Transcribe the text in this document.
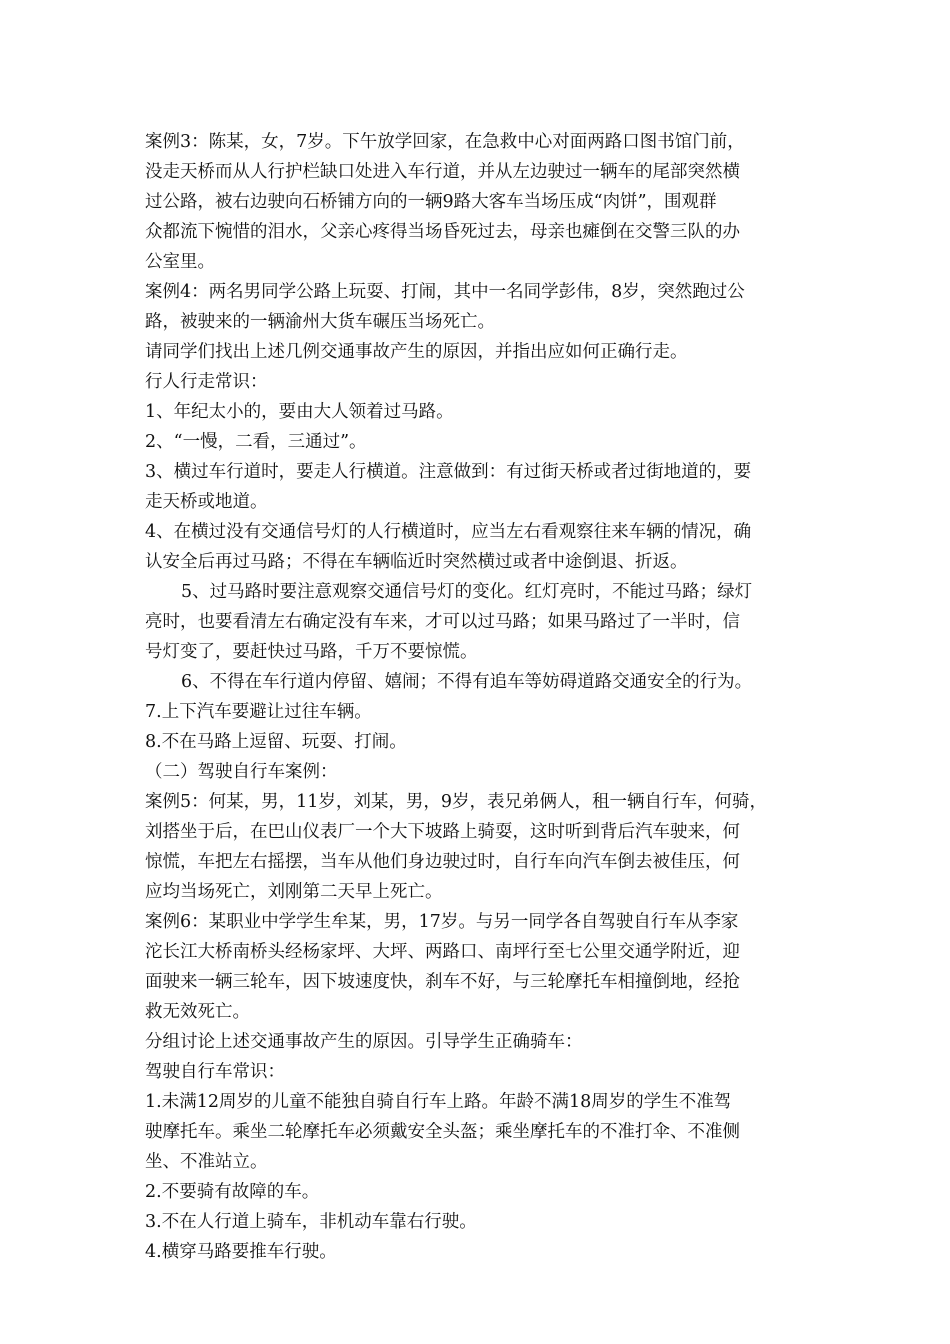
案例3：陈某，女，7岁。下午放学回家，在急救中心对面两路口图书馆门前，
没走天桥而从人行护栏缺口处进入车行道，并从左边驶过一辆车的尾部突然横
过公路，被右边驶向石桥铺方向的一辆9路大客车当场压成“肉饼”，围观群
众都流下惋惜的泪水，父亲心疼得当场昏死过去，母亲也瘫倒在交警三队的办
公室里。
案例4：两名男同学公路上玩耍、打闹，其中一名同学彭伟，8岁，突然跑过公
路，被驶来的一辆渝州大货车碾压当场死亡。
请同学们找出上述几例交通事故产生的原因，并指出应如何正确行走。
行人行走常识：
1、年纪太小的，要由大人领着过马路。
2、“一慢，二看，三通过”。
3、横过车行道时，要走人行横道。注意做到：有过街天桥或者过街地道的，要
走天桥或地道。
4、在横过没有交通信号灯的人行横道时，应当左右看观察往来车辆的情况，确
认安全后再过马路；不得在车辆临近时突然横过或者中途倒退、折返。
5、过马路时要注意观察交通信号灯的变化。红灯亮时，不能过马路；绿灯
亮时，也要看清左右确定没有车来，才可以过马路；如果马路过了一半时，信
号灯变了，要赶快过马路，千万不要惊慌。
6、不得在车行道内停留、嬉闹；不得有追车等妨碍道路交通安全的行为。
7.上下汽车要避让过往车辆。
8.不在马路上逗留、玩耍、打闹。
（二）驾驶自行车案例：
案例5：何某，男，11岁，刘某，男，9岁，表兄弟俩人，租一辆自行车，何骑，
刘搭坐于后，在巴山仪表厂一个大下坡路上骑耍，这时听到背后汽车驶来，何
惊慌，车把左右摇摆，当车从他们身边驶过时，自行车向汽车倒去被佳压，何
应均当场死亡，刘刚第二天早上死亡。
案例6：某职业中学学生牟某，男，17岁。与另一同学各自驾驶自行车从李家
沱长江大桥南桥头经杨家坪、大坪、两路口、南坪行至七公里交通学附近，迎
面驶来一辆三轮车，因下坡速度快，刹车不好，与三轮摩托车相撞倒地，经抢
救无效死亡。
分组讨论上述交通事故产生的原因。引导学生正确骑车：
驾驶自行车常识：
1.未满12周岁的儿童不能独自骑自行车上路。年龄不满18周岁的学生不准驾
驶摩托车。乘坐二轮摩托车必须戴安全头盔；乘坐摩托车的不准打伞、不准侧
坐、不准站立。
2.不要骑有故障的车。
3.不在人行道上骑车，非机动车靠右行驶。
4.横穿马路要推车行驶。
